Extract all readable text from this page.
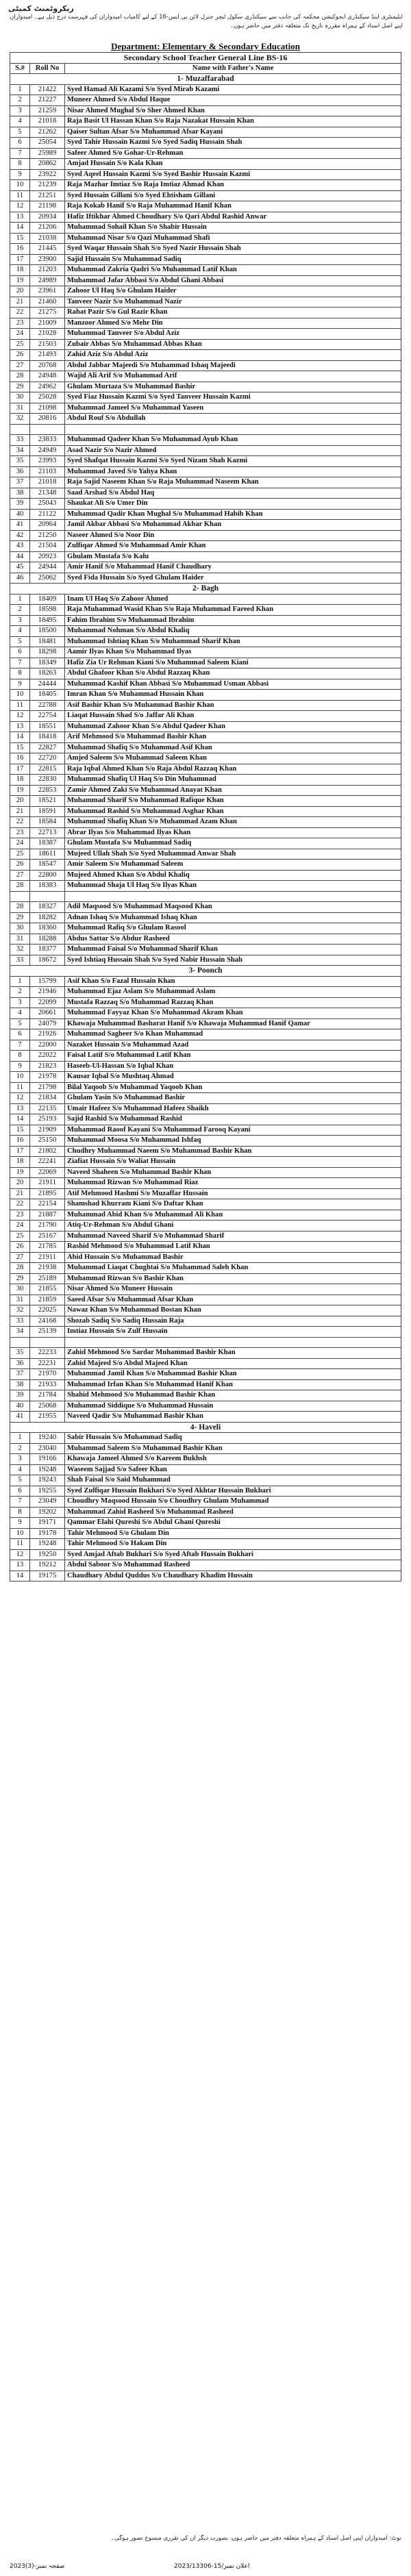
ریکروٹمنٹ کمیٹی
ایلیمنٹری اینڈ سیکنڈری ایجوکیشن محکمہ کی جانب سے سیکنڈری سکول ٹیچر جنرل لائن بی ایس-16 کے لیے کامیاب امیدواران کی فہرست درج ذیل ہے۔ امیدواران اپنے اصل اسناد کے ہمراہ مقررہ تاریخ تک متعلقہ دفتر میں حاضر ہوں۔
Department: Elementary & Secondary Education
Secondary School Teacher General Line BS-16		
S.#	Roll No	Name with Father's Name
1- Muzaffarabad		
1	21422	Syed Hamad Ali Kazami S/o Syed Mirab Kazami
2	21227	Muneer Ahmed S/o Abdul Haque
3	21259	Nisar Ahmed Mughal S/o Sher Ahmed Khan
4	21018	Raja Basit Ul Hassan Khan S/o Raja Nazakat Hussain Khan
5	21262	Qaiser Sultan Afsar S/o Muhammad Afsar Kayani
6	25054	Syed Tahir Hussain Kazmi S/o Syed Sadiq Hussain Shah
7	25989	Safeer Ahmed S/o Gohar-Ur-Rehman
8	20862	Amjad Hussain S/o Kala Khan
9	23922	Syed Aqeel Hussain Kazmi S/o Syed Bashir Hussain Kazmi
10	21239	Raja Mazhar Imtiaz S/o Raja Imtiaz Ahmad Khan
11	21251	Syed Hussain Gillani S/o Syed Ehtisham Gillani
12	21198	Raja Kokab Hanif S/o Raja Muhammad Hanif Khan
13	20934	Hafiz Iftikhar Ahmed Choudhary S/o Qari Abdul Rashid Anwar
14	21206	Muhammad Sohail Khan S/o Shabir Hussain
15	21038	Muhammad Nisar S/o Qazi Muhammad Shafi
16	21445	Syed Waqar Hussain Shah S/o Syed Nazir Hussain Shah
17	23900	Sajid Hussain S/o Muhammad Sadiq
18	21203	Muhammad Zakria Qadri S/o Muhammad Latif Khan
19	24989	Muhammad Jafar Abbasi S/o Abdul Ghani Abbasi
20	23961	Zahoor Ul Haq S/o Ghulam Haider
21	21460	Tanveer Nazir S/o Muhammad Nazir
22	21275	Rahat Pazir S/o Gul Razir Khan
23	21009	Manzoor Ahmed S/o Mehr Din
24	21028	Muhammad Tanveer S/o Abdul Aziz
25	21503	Zubair Abbas S/o Muhammad Abbas Khan
26	21493	Zahid Aziz S/o Abdul Aziz
27	20768	Abdul Jabbar Majeedi S/o Muhammad Ishaq Majeedi
28	24948	Wajid Ali Arif S/o Muhammad Arif
29	24962	Ghulam Murtaza S/o Muhammad Bashir
30	25028	Syed Fiaz Hussain Kazmi S/o Syed Tanveer Hussain Kazmi
31	21098	Muhammad Jameel S/o Muhammad Yaseen
32	20816	Abdul Rouf S/o Abdullah

33	23833	Muhammad Qadeer Khan S/o Muhammad Ayub Khan
34	24949	Asad Nazir S/o Nazir Ahmed
35	23993	Syed Shafqat Hussain Kazmi S/o Syed Nizam Shah Kazmi
36	21103	Muhammad Javed S/o Yahya Khan
37	21018	Raja Sajid Naseem Khan S/o Raja Muhammad Naseem Khan
38	21348	Saad Arshad S/o Abdul Haq
39	25043	Shaukat Ali S/o Umer Din
40	21122	Muhammad Qadir Khan Mughal S/o Muhammad Habib Khan
41	20964	Jamil Akbar Abbasi S/o Muhammad Akbar Khan
42	21250	Naseer Ahmed S/o Noor Din
43	21504	Zulfiqar Ahmed S/o Muhammad Amir Khan
44	20923	Ghulam Mustafa S/o Kalu
45	24944	Amir Hanif S/o Muhammad Hanif Chaudhary
46	25062	Syed Fida Hussain S/o Syed Ghulam Haider
2- Bagh		
1	18409	Inam Ul Haq S/o Zahoor Ahmed
2	18598	Raja Muhammad Wasid Khan S/o Raja Muhammad Fareed Khan
3	18495	Fahim Ibrahim S/o Muhammad Ibrahim
4	18500	Muhammad Nohman S/o Abdul Khaliq
5	18481	Muhammad Ishtiaq Khan S/o Muhammad Sharif Khan
6	18298	Aamir Ilyas Khan S/o Muhammad Ilyas
7	18349	Hafiz Zia Ur Rehman Kiani S/o Muhammad Saleem Kiani
8	18263	Abdul Ghafoor Khan S/o Abdul Razzaq Khan
9	24444	Muhammad Kashif Khan Abbasi S/o Muhammad Usman Abbasi
10	18405	Imran Khan S/o Muhammad Hussain Khan
11	22788	Asif Bashir Khan S/o Muhammad Bashir Khan
12	22754	Liaqat Hussain Shad S/o Jaffar Ali Khan
13	18551	Muhammad Zahoor Khan S/o Abdul Qadeer Khan
14	18418	Arif Mehmood S/o Muhammad Bashir Khan
15	22827	Muhammad Shafiq S/o Muhammad Asif Khan
16	22720	Amjed Saleem S/o Muhammad Saleem Khan
17	22815	Raja Iqbal Ahmed Khan S/o Raja Abdul Razzaq Khan
18	22830	Muhammad Shafiq Ul Haq S/o Din Muhammad
19	22853	Zamir Ahmed Zaki S/o Muhammad Anayat Khan
20	18521	Muhammad Sharif S/o Muhammad Rafique Khan
21	18591	Muhammad Rashid S/o Muhammad Asghar Khan
22	18584	Muhammad Shafiq Khan S/o Muhammad Azam Khan
23	22713	Abrar Ilyas S/o Muhammad Ilyas Khan
24	18387	Ghulam Mustafa S/o Muhammad Sadiq
25	18611	Mujeed Ullah Shah S/o Syed Muhammad Anwar Shah
26	18547	Amir Saleem S/o Muhammad Saleem
27	22800	Mujeed Ahmed Khan S/o Abdul Khaliq
28	18383	Muhammad Shaja Ul Haq S/o Ilyas Khan

28	18327	Adil Maqsood S/o Muhammad Maqsood Khan
29	18282	Adnan Ishaq S/o Muhammad Ishaq Khan
30	18360	Muhammad Rafiq S/o Ghulam Rasool
31	18288	Abdus Sattar S/o Abdur Rasheed
32	18377	Muhammad Faisal S/o Muhammad Sharif Khan
33	18672	Syed Ishtiaq Hussain Shah S/o Syed Nabir Hussain Shah
3- Poonch		
1	15799	Asif Khan S/o Fazal Hussain Khan
2	21946	Muhammad Ejaz Aslam S/o Muhammad Aslam
3	22099	Mustafa Razzaq S/o Muhammad Razzaq Khan
4	20661	Muhammad Fayyaz Khan S/o Muhammad Akram Khan
5	24079	Khawaja Muhammad Basharat Hanif S/o Khawaja Muhammad Hanif Qamar
6	21926	Muhammad Sagheer S/o Khan Muhammad
7	22000	Nazaket Hussain S/o Muhammad Azad
8	22022	Faisal Latif S/o Muhammad Latif Khan
9	21823	Haseeb-Ul-Hassan S/o Iqbal Khan
10	21978	Kausar Iqbal S/o Mushtaq Ahmad
11	21798	Bilal Yaqoob S/o Muhammad Yaqoob Khan
12	21834	Ghulam Yasin S/o Muhammad Bashir
13	22135	Umair Hafeez S/o Muhammad Hafeez Shaikh
14	25193	Sajid Rashid S/o Muhammad Rashid
15	21909	Muhammad Raoof Kayani S/o Muhammad Farooq Kayani
16	25150	Muhammad Moosa S/o Muhammad Ishfaq
17	21802	Chudhry Muhammad Naeem S/o Muhammad Bashir Khan
18	22241	Ziafiat Hussain S/o Waliat Hussain
19	22069	Naveed Shaheen S/o Muhammad Bashir Khan
20	21911	Muhammad Rizwan S/o Muhammad Riaz
21	21895	Atif Mehmood Hashmi S/o Muzaffar Hussain
22	22154	Shamshad Khurram Kiani S/o Daftar Khan
23	21887	Muhammad Abid Khan S/o Muhammad Ali Khan
24	21790	Atiq-Ur-Rehman S/o Abdul Ghani
25	25167	Muhammad Naveed Sharif S/o Muhammad Sharif
26	21785	Rashid Mehmood S/o Muhammad Latif Khan
27	21911	Abid Hussain S/o Muhammad Bashir
28	21938	Muhammad Liaqat Chughtai S/o Muhammad Saleh Khan
29	25189	Muhammad Rizwan S/o Bashir Khan
30	21855	Nisar Ahmed S/o Muneer Hussain
31	21859	Saeed Afsar S/o Muhammad Afsar Khan
32	22025	Nawaz Khan S/o Muhammad Bostan Khan
33	24168	Shozab Sadiq S/o Sadiq Hussain Raja
34	25139	Imtiaz Hussain S/o Zulf Hussain

35	22233	Zahid Mehmood S/o Sardar Muhammad Bashir Khan
36	22231	Zahid Majeed S/o Abdul Majeed Khan
37	21970	Muhammad Jamil Khan S/o Muhammad Bashir Khan
38	21933	Muhammad Irfan Khan S/o Muhammad Hanif Khan
39	21784	Shahid Mehmood S/o Muhammad Bashir Khan
40	25068	Muhammad Siddique S/o Muhammad Hussain
41	21955	Naveed Qadir S/o Muhammad Bashir Khan
4- Haveli		
1	19240	Sabir Hussain S/o Muhammad Sadiq
2	23040	Muhammad Saleem S/o Muhammad Bashir Khan
3	19166	Khawaja Jameel Ahmed S/o Kareem Bukhsh
4	19248	Waseem Sajjad S/o Safeer Khan
5	19243	Shah Faisal S/o Said Muhammad
6	19255	Syed Zulfiqar Hussain Bukhari S/o Syed Akhtar Hussain Bukhari
7	23049	Choudhry Maqsood Hussain S/o Choudhry Ghulam Muhammad
8	19202	Muhammad Zahid Rasheed S/o Muhammad Rasheed
9	19171	Qammar Elahi Qureshi S/o Abdul Ghani Qureshi
10	19178	Tahir Mehmood S/o Ghulam Din
11	19248	Tahir Mehmood S/o Hakam Din
12	19250	Syed Amjad Aftab Bukhari S/o Syed Aftab Hussain Bukhari
13	19212	Abdul Saboor S/o Muhammad Rasheed
14	19175	Chaudhary Abdul Quddus S/o Chaudhary Khadim Hussain
نوٹ: امیدواران اپنی اصل اسناد کے ہمراہ متعلقہ دفتر میں حاضر ہوں، بصورت دیگر ان کی تقرری منسوخ تصور ہوگی۔
2023(3)-صفحہ نمبر	2023/13306-15/اعلان نمبر
